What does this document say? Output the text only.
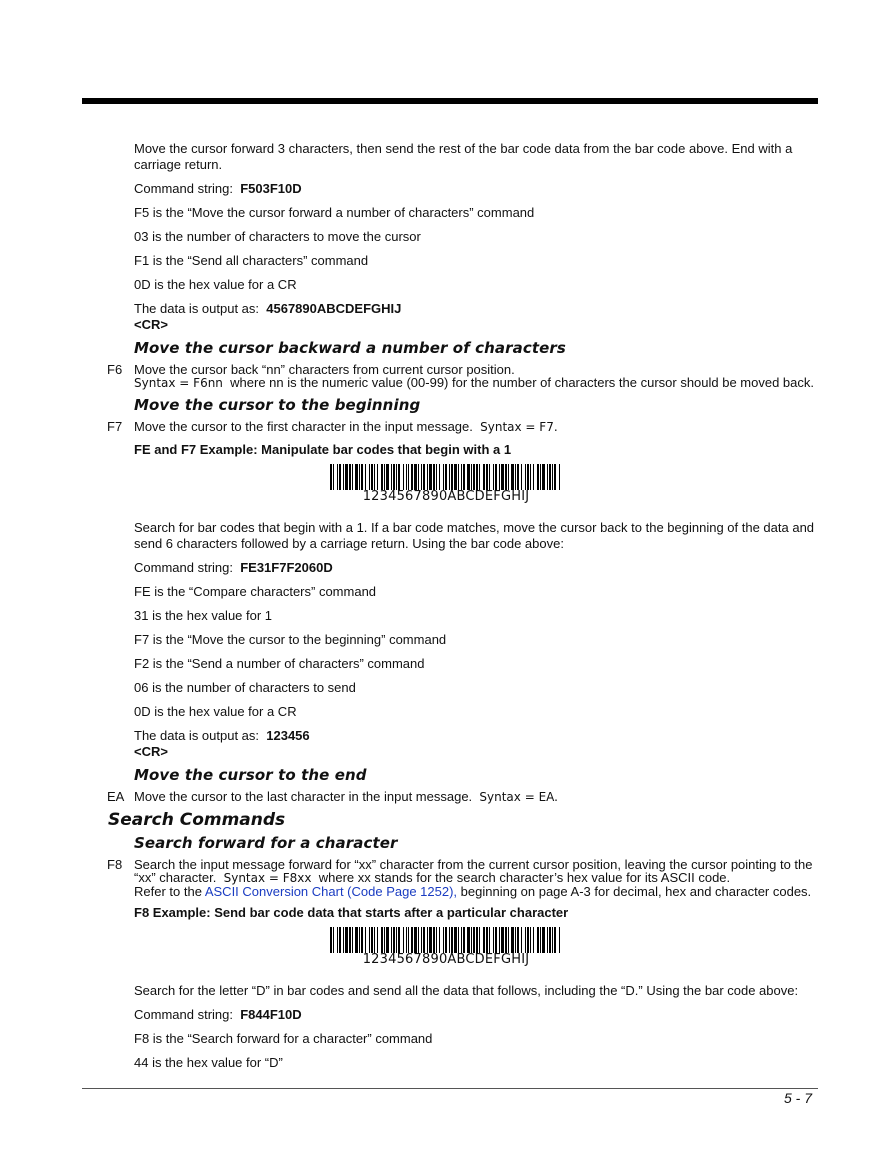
Move the cursor forward 3 characters, then send the rest of the bar code data from the bar code above. End with a carriage return.

Command string: F503F10D

F5 is the “Move the cursor forward a number of characters” command

03 is the number of characters to move the cursor

F1 is the “Send all characters” command

0D is the hex value for a CR

The data is output as: 4567890ABCDEFGHIJ
<CR>

Move the cursor backward a number of characters
F6 Move the cursor back “nn” characters from current cursor position.
Syntax = F6nn where nn is the numeric value (00-99) for the number of characters the cursor should be moved back.
Move the cursor to the beginning
F7 Move the cursor to the first character in the input message. Syntax = F7.

FE and F7 Example: Manipulate bar codes that begin with a 1

1234567890ABCDEFGHIJ

Search for bar codes that begin with a 1. If a bar code matches, move the cursor back to the beginning of the data and send 6 characters followed by a carriage return. Using the bar code above:

Command string: FE31F7F2060D

FE is the “Compare characters” command

31 is the hex value for 1

F7 is the “Move the cursor to the beginning” command

F2 is the “Send a number of characters” command

06 is the number of characters to send

0D is the hex value for a CR

The data is output as: 123456
<CR>

Move the cursor to the end
EA Move the cursor to the last character in the input message. Syntax = EA.
Search Commands
Search forward for a character
F8 Search the input message forward for “xx” character from the current cursor position, leaving the cursor pointing to the “xx” character. Syntax = F8xx where xx stands for the search character’s hex value for its ASCII code.
Refer to the ASCII Conversion Chart (Code Page 1252), beginning on page A-3 for decimal, hex and character codes.

F8 Example: Send bar code data that starts after a particular character

1234567890ABCDEFGHIJ

Search for the letter “D” in bar codes and send all the data that follows, including the “D.” Using the bar code above:

Command string: F844F10D

F8 is the “Search forward for a character” command

44 is the hex value for “D”

5 - 7
